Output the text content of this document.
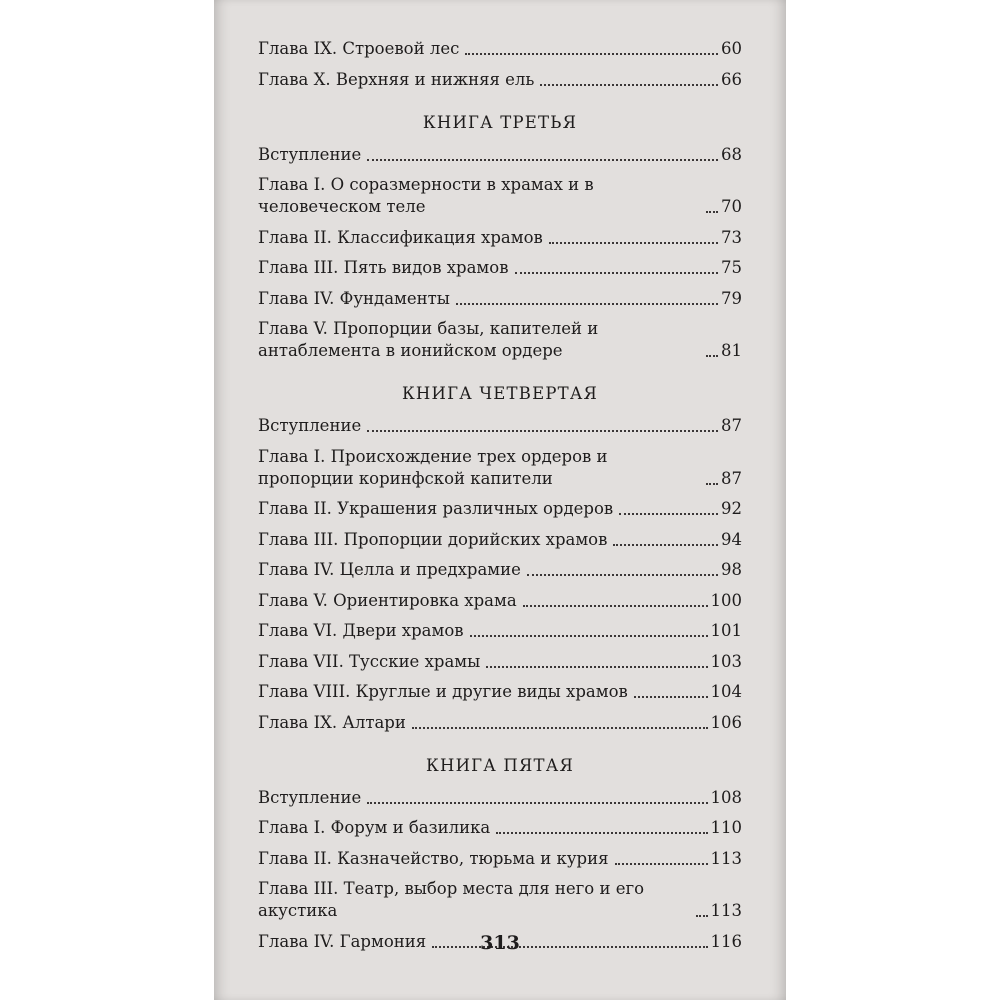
Глава IX. Строевой лес	60
Глава X. Верхняя и нижняя ель	66
КНИГА ТРЕТЬЯ
Вступление	68
Глава I. О соразмерности в храмах и в человеческом теле	70
Глава II. Классификация храмов	73
Глава III. Пять видов храмов	75
Глава IV. Фундаменты	79
Глава V. Пропорции базы, капителей и антаблемента в ионийском ордере	81
КНИГА ЧЕТВЕРТАЯ
Вступление	87
Глава I. Происхождение трех ордеров и пропорции коринфской капители	87
Глава II. Украшения различных ордеров	92
Глава III. Пропорции дорийских храмов	94
Глава IV. Целла и предхрамие	98
Глава V. Ориентировка храма	100
Глава VI. Двери храмов	101
Глава VII. Тусские храмы	103
Глава VIII. Круглые и другие виды храмов	104
Глава IX. Алтари	106
КНИГА ПЯТАЯ
Вступление	108
Глава I. Форум и базилика	110
Глава II. Казначейство, тюрьма и курия	113
Глава III. Театр, выбор места для него и его акустика	113
Глава IV. Гармония	116
313
